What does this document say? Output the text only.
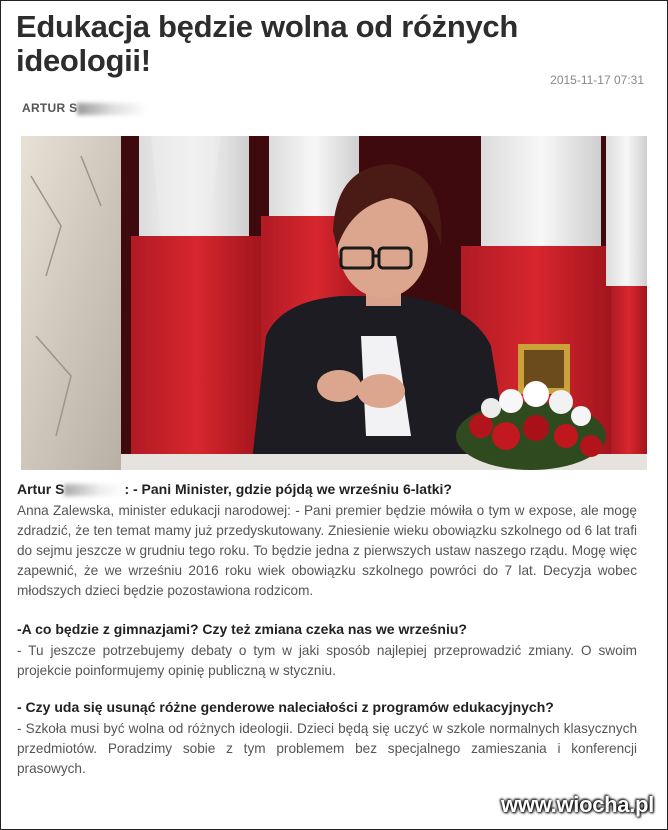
Edukacja będzie wolna od różnych ideologii!
2015-11-17 07:31
ARTUR S

Artur S	: - Pani Minister, gdzie pójdą we wrześniu 6-latki?

Anna Zalewska, minister edukacji narodowej: - Pani premier będzie mówiła o tym w expose, ale mogę zdradzić, że ten temat mamy już przedyskutowany. Zniesienie wieku obowiązku szkolnego od 6 lat trafi do sejmu jeszcze w grudniu tego roku. To będzie jedna z pierwszych ustaw naszego rządu. Mogę więc zapewnić, że we wrześniu 2016 roku wiek obowiązku szkolnego powróci do 7 lat. Decyzja wobec młodszych dzieci będzie pozostawiona rodzicom.

-A co będzie z gimnazjami? Czy też zmiana czeka nas we wrześniu?

- Tu jeszcze potrzebujemy debaty o tym w jaki sposób najlepiej przeprowadzić zmiany. O swoim projekcie poinformujemy opinię publiczną w styczniu.

- Czy uda się usunąć różne genderowe naleciałości z programów edukacyjnych?

- Szkoła musi być wolna od różnych ideologii. Dzieci będą się uczyć w szkole normalnych klasycznych przedmiotów. Poradzimy sobie z tym problemem bez specjalnego zamieszania i konferencji prasowych.

www.wiocha.pl
